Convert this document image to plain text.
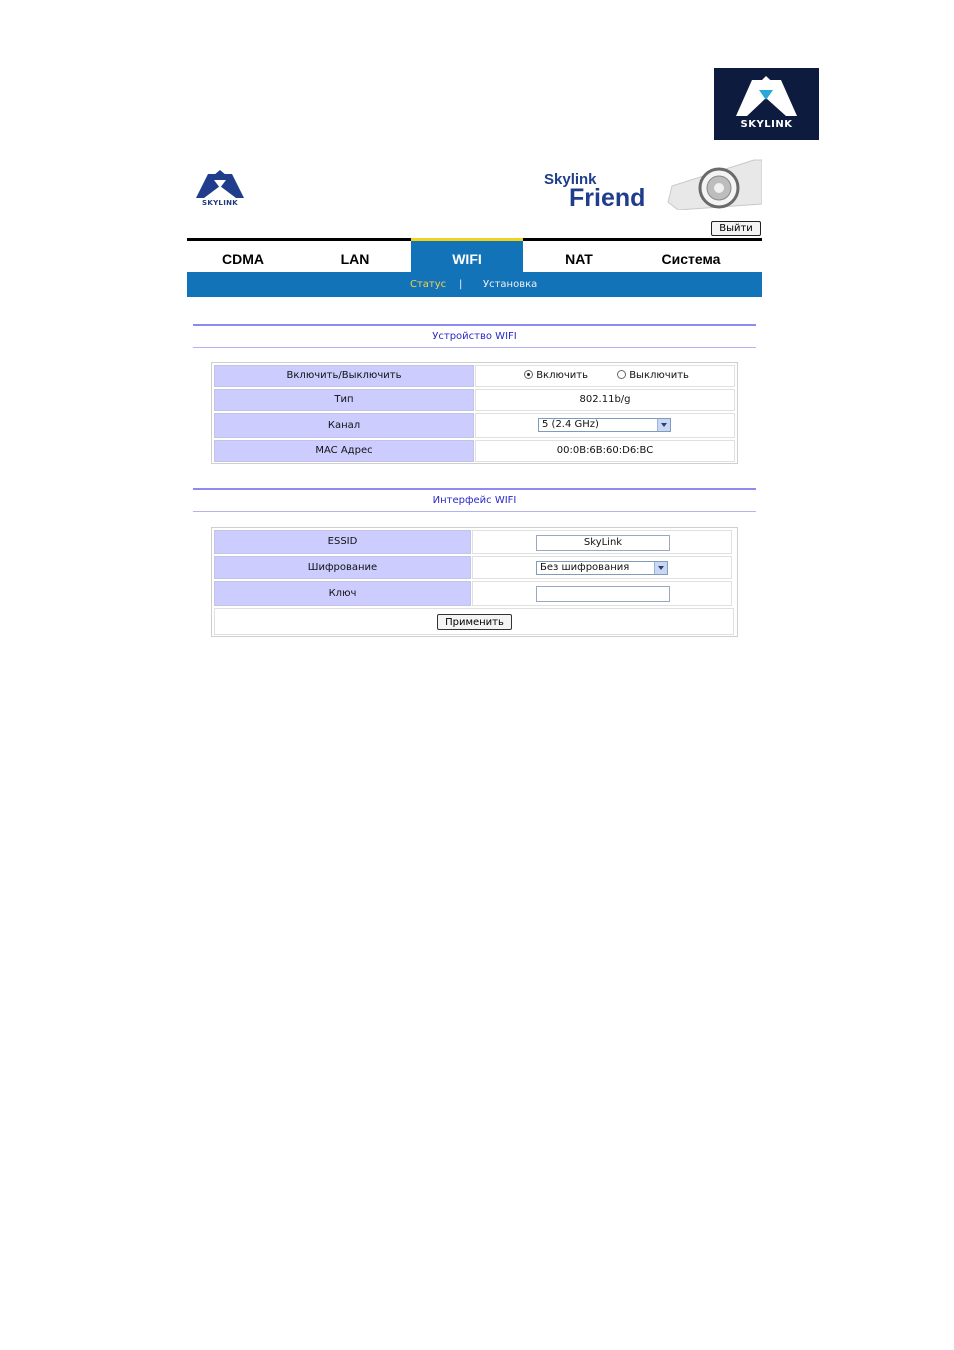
SKYLINK
SKYLINK
Skylink
Friend
Выйти
CDMA	LAN	WIFI	NAT	Система
Статус | Установка
Устройство WIFI
Включить/Выключить	Включить	Выключить
Тип	802.11b/g
Канал	5 (2.4 GHz)
MAC Адрес	00:0B:6B:60:D6:BC
Интерфейс WIFI
ESSID	SkyLink
Шифрование	Без шифрования
Ключ
Применить
